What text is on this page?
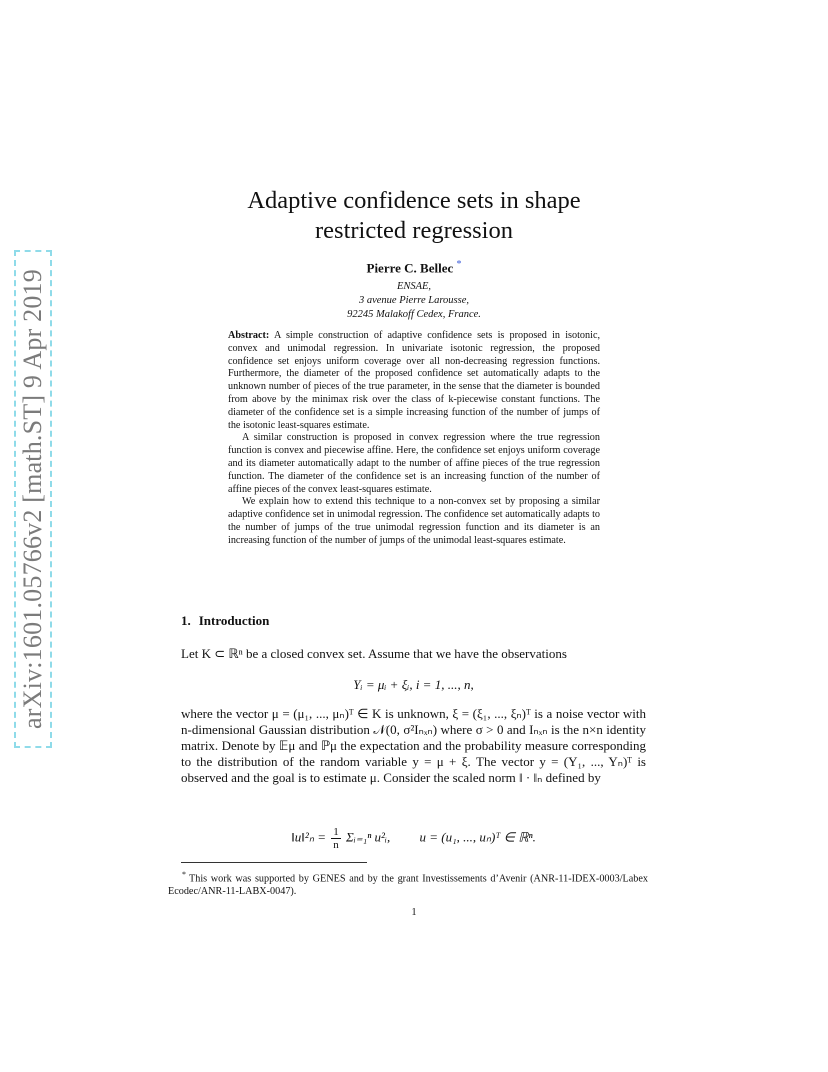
arXiv:1601.05766v2 [math.ST] 9 Apr 2019
Adaptive confidence sets in shape
restricted regression
Pierre C. Bellec *
ENSAE,
3 avenue Pierre Larousse,
92245 Malakoff Cedex, France.

Abstract: A simple construction of adaptive confidence sets is proposed in isotonic, convex and unimodal regression. In univariate isotonic regression, the proposed confidence set enjoys uniform coverage over all non-decreasing regression functions. Furthermore, the diameter of the proposed confidence set automatically adapts to the unknown number of pieces of the true parameter, in the sense that the diameter is bounded from above by the minimax risk over the class of k-piecewise constant functions. The diameter of the confidence set is a simple increasing function of the number of jumps of the isotonic least-squares estimate.

A similar construction is proposed in convex regression where the true regression function is convex and piecewise affine. Here, the confidence set enjoys uniform coverage and its diameter automatically adapt to the number of affine pieces of the true regression function. The diameter of the confidence set is an increasing function of the number of affine pieces of the convex least-squares estimate.

We explain how to extend this technique to a non-convex set by proposing a similar adaptive confidence set in unimodal regression. The confidence set automatically adapts to the number of jumps of the true unimodal regression function and its diameter is an increasing function of the number of jumps of the unimodal least-squares estimate.

1. Introduction
Let K ⊂ ℝⁿ be a closed convex set. Assume that we have the observations
Yᵢ = μᵢ + ξᵢ, i = 1, ..., n,
where the vector μ = (μ₁, ..., μₙ)ᵀ ∈ K is unknown, ξ = (ξ₁, ..., ξₙ)ᵀ is a noise vector with n-dimensional Gaussian distribution 𝒩(0, σ²Iₙₓₙ) where σ > 0 and Iₙₓₙ is the n×n identity matrix. Denote by 𝔼μ and ℙμ the expectation and the probability measure corresponding to the distribution of the random variable y = μ + ξ. The vector y = (Y₁, ..., Yₙ)ᵀ is observed and the goal is to estimate μ. Consider the scaled norm ‖ · ‖ₙ defined by
‖u‖²ₙ = $\frac{1}{n}$ Σᵢ₌₁ⁿ u²ᵢ, u = (u₁, ..., uₙ)ᵀ ∈ ℝⁿ.
* This work was supported by GENES and by the grant Investissements d’Avenir (ANR-11-IDEX-0003/Labex Ecodec/ANR-11-LABX-0047).
1
